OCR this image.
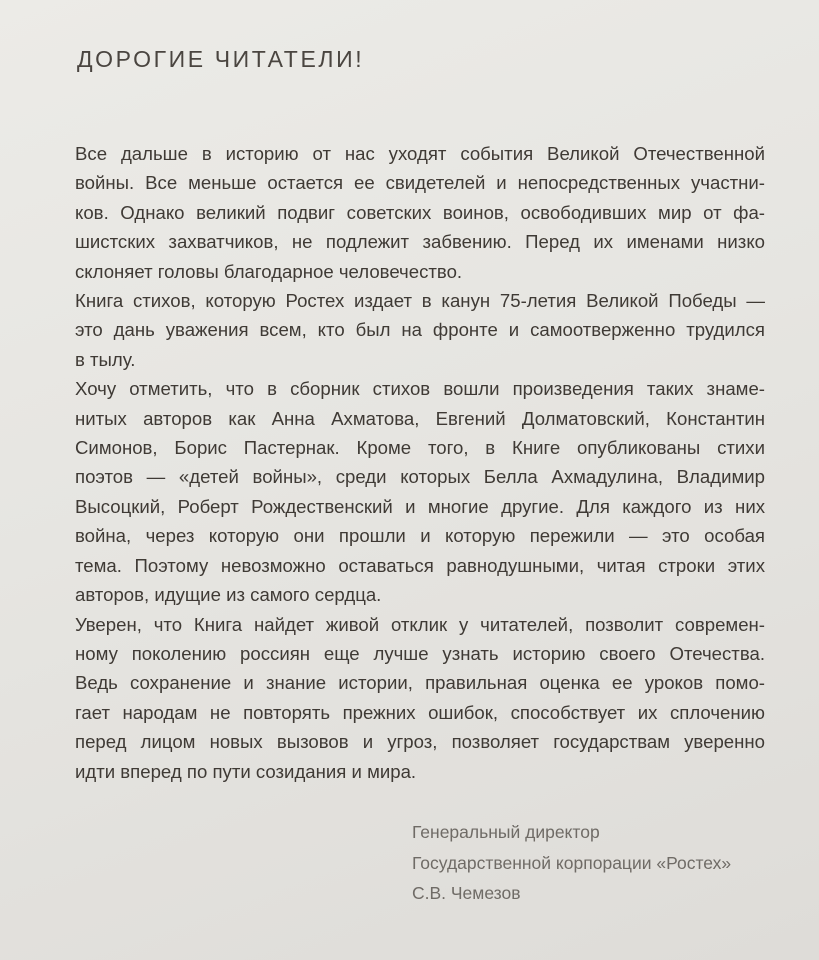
ДОРОГИЕ ЧИТАТЕЛИ!
Все дальше в историю от нас уходят события Великой Отечественной
войны. Все меньше остается ее свидетелей и непосредственных участни-
ков. Однако великий подвиг советских воинов, освободивших мир от фа-
шистских захватчиков, не подлежит забвению. Перед их именами низко
склоняет головы благодарное человечество.
Книга стихов, которую Ростех издает в канун 75-летия Великой Победы —
это дань уважения всем, кто был на фронте и самоотверженно трудился
в тылу.
Хочу отметить, что в сборник стихов вошли произведения таких знаме-
нитых авторов как Анна Ахматова, Евгений Долматовский, Константин
Симонов, Борис Пастернак. Кроме того, в Книге опубликованы стихи
поэтов — «детей войны», среди которых Белла Ахмадулина, Владимир
Высоцкий, Роберт Рождественский и многие другие. Для каждого из них
война, через которую они прошли и которую пережили — это особая
тема. Поэтому невозможно оставаться равнодушными, читая строки этих
авторов, идущие из самого сердца.
Уверен, что Книга найдет живой отклик у читателей, позволит современ-
ному поколению россиян еще лучше узнать историю своего Отечества.
Ведь сохранение и знание истории, правильная оценка ее уроков помо-
гает народам не повторять прежних ошибок, способствует их сплочению
перед лицом новых вызовов и угроз, позволяет государствам уверенно
идти вперед по пути созидания и мира.
Генеральный директор
Государственной корпорации «Ростех»
С.В. Чемезов
